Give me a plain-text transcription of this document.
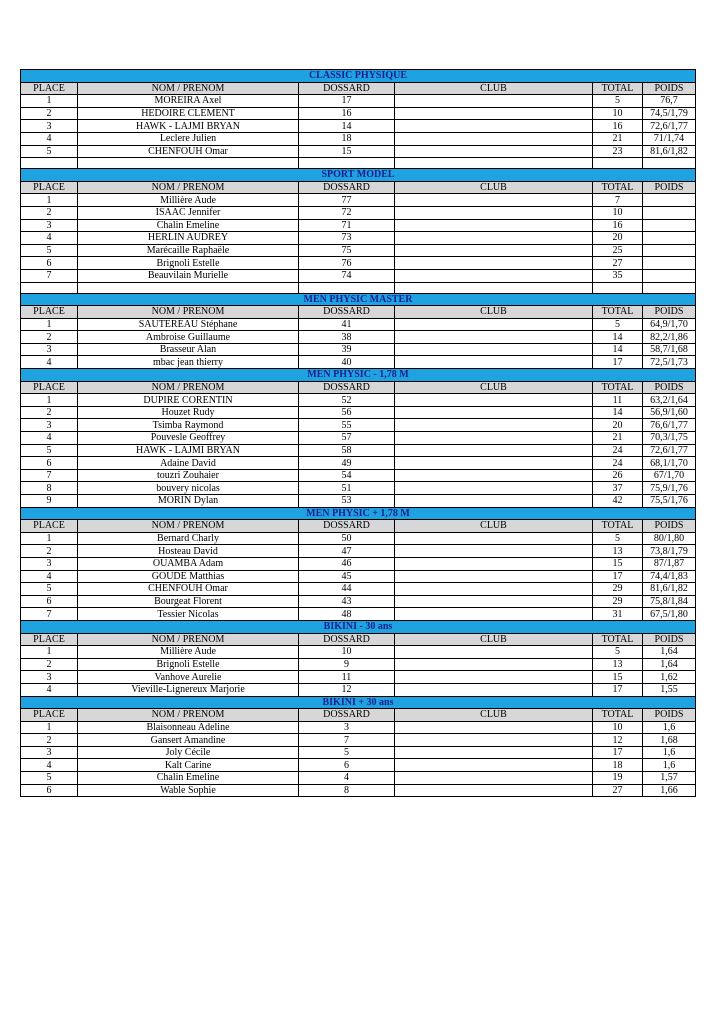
CLASSIC PHYSIQUE					
PLACE	NOM / PRENOM	DOSSARD	CLUB	TOTAL	POIDS
1	MOREIRA Axel	17		5	76,7
2	HEDOIRE CLEMENT	16		10	74,5/1,79
3	HAWK - LAJMI BRYAN	14		16	72,6/1,77
4	Leclere Julien	18		21	71/1,74
5	CHENFOUH Omar	15		23	81,6/1,82

SPORT MODEL					
PLACE	NOM / PRENOM	DOSSARD	CLUB	TOTAL	POIDS
1	Millière Aude	77		7	
2	ISAAC Jennifer	72		10	
3	Chalin Emeline	71		16	
4	HERLIN AUDREY	73		20	
5	Marécaille Raphaële	75		25	
6	Brignoli Estelle	76		27	
7	Beauvilain Murielle	74		35	

MEN PHYSIC MASTER					
PLACE	NOM / PRENOM	DOSSARD	CLUB	TOTAL	POIDS
1	SAUTEREAU Stéphane	41		5	64,9/1,70
2	Ambroise Guillaume	38		14	82,2/1,86
3	Brasseur Alan	39		14	58,7/1,68
4	mbac jean thierry	40		17	72,5/1,73
MEN PHYSIC - 1,78 M					
PLACE	NOM / PRENOM	DOSSARD	CLUB	TOTAL	POIDS
1	DUPIRE CORENTIN	52		11	63,2/1,64
2	Houzet Rudy	56		14	56,9/1,60
3	Tsimba Raymond	55		20	76,6/1,77
4	Pouvesle Geoffrey	57		21	70,3/1,75
5	HAWK - LAJMI BRYAN	58		24	72,6/1,77
6	Adaine David	49		24	68,1/1,70
7	touzri Zouhaier	54		26	67/1,70
8	bouvery nicolas	51		37	75,9/1,76
9	MORIN Dylan	53		42	75,5/1,76
MEN PHYSIC + 1,78 M					
PLACE	NOM / PRENOM	DOSSARD	CLUB	TOTAL	POIDS
1	Bernard Charly	50		5	80/1,80
2	Hosteau David	47		13	73,8/1,79
3	OUAMBA Adam	46		15	87/1,87
4	GOUDE Matthias	45		17	74,4/1,83
5	CHENFOUH Omar	44		29	81,6/1,82
6	Bourgeat Florent	43		29	75,8/1,84
7	Tessier Nicolas	48		31	67,5/1,80
BIKINI - 30 ans					
PLACE	NOM / PRENOM	DOSSARD	CLUB	TOTAL	POIDS
1	Millière Aude	10		5	1,64
2	Brignoli Estelle	9		13	1,64
3	Vanhove Aurelie	11		15	1,62
4	Vieville-Lignereux Marjorie	12		17	1,55
BIKINI + 30 ans					
PLACE	NOM / PRENOM	DOSSARD	CLUB	TOTAL	POIDS
1	Blaisonneau Adeline	3		10	1,6
2	Gansert Amandine	7		12	1,68
3	Joly Cécile	5		17	1,6
4	Kalt Carine	6		18	1,6
5	Chalin Emeline	4		19	1,57
6	Wable Sophie	8		27	1,66
